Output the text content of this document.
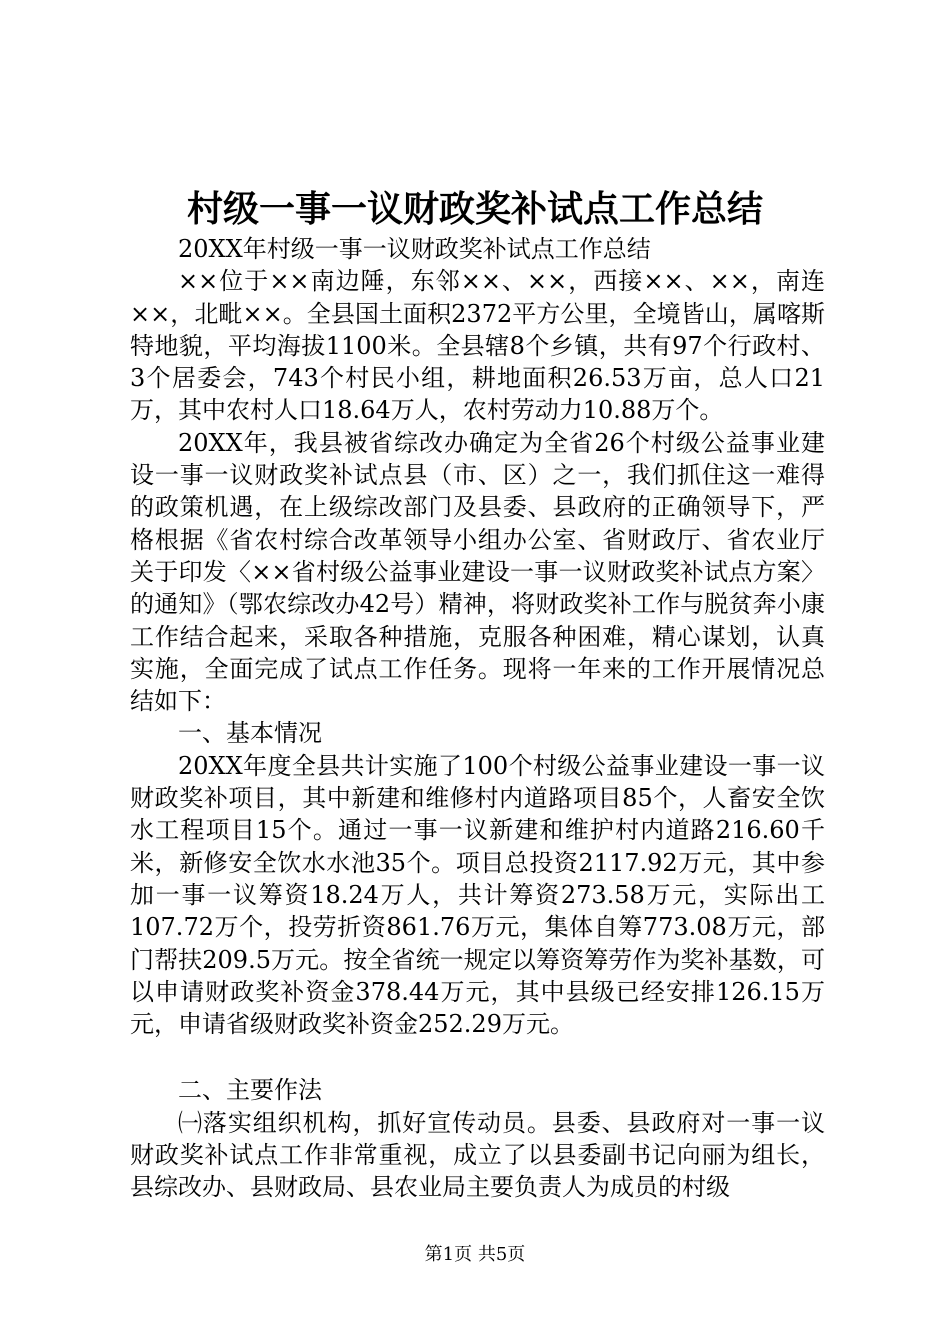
村级一事一议财政奖补试点工作总结

20XX年村级一事一议财政奖补试点工作总结

××位于××南边陲，东邻××、××，西接××、××，南连××，北毗××。全县国土面积2372平方公里，全境皆山，属喀斯特地貌，平均海拔1100米。全县辖8个乡镇，共有97个行政村、3个居委会，743个村民小组，耕地面积26.53万亩，总人口21万，其中农村人口18.64万人，农村劳动力10.88万个。

20XX年，我县被省综改办确定为全省26个村级公益事业建设一事一议财政奖补试点县（市、区）之一，我们抓住这一难得的政策机遇，在上级综改部门及县委、县政府的正确领导下，严格根据《省农村综合改革领导小组办公室、省财政厅、省农业厅关于印发〈××省村级公益事业建设一事一议财政奖补试点方案〉的通知》（鄂农综改办42号）精神，将财政奖补工作与脱贫奔小康工作结合起来，采取各种措施，克服各种困难，精心谋划，认真实施，全面完成了试点工作任务。现将一年来的工作开展情况总结如下：

一、基本情况

20XX年度全县共计实施了100个村级公益事业建设一事一议财政奖补项目，其中新建和维修村内道路项目85个，人畜安全饮水工程项目15个。通过一事一议新建和维护村内道路216.60千米，新修安全饮水水池35个。项目总投资2117.92万元，其中参加一事一议筹资18.24万人，共计筹资273.58万元，实际出工107.72万个，投劳折资861.76万元，集体自筹773.08万元，部门帮扶209.5万元。按全省统一规定以筹资筹劳作为奖补基数，可以申请财政奖补资金378.44万元，其中县级已经安排126.15万元，申请省级财政奖补资金252.29万元。

二、主要作法

㈠落实组织机构，抓好宣传动员。县委、县政府对一事一议财政奖补试点工作非常重视，成立了以县委副书记向丽为组长，县综改办、县财政局、县农业局主要负责人为成员的村级

第1页 共5页
